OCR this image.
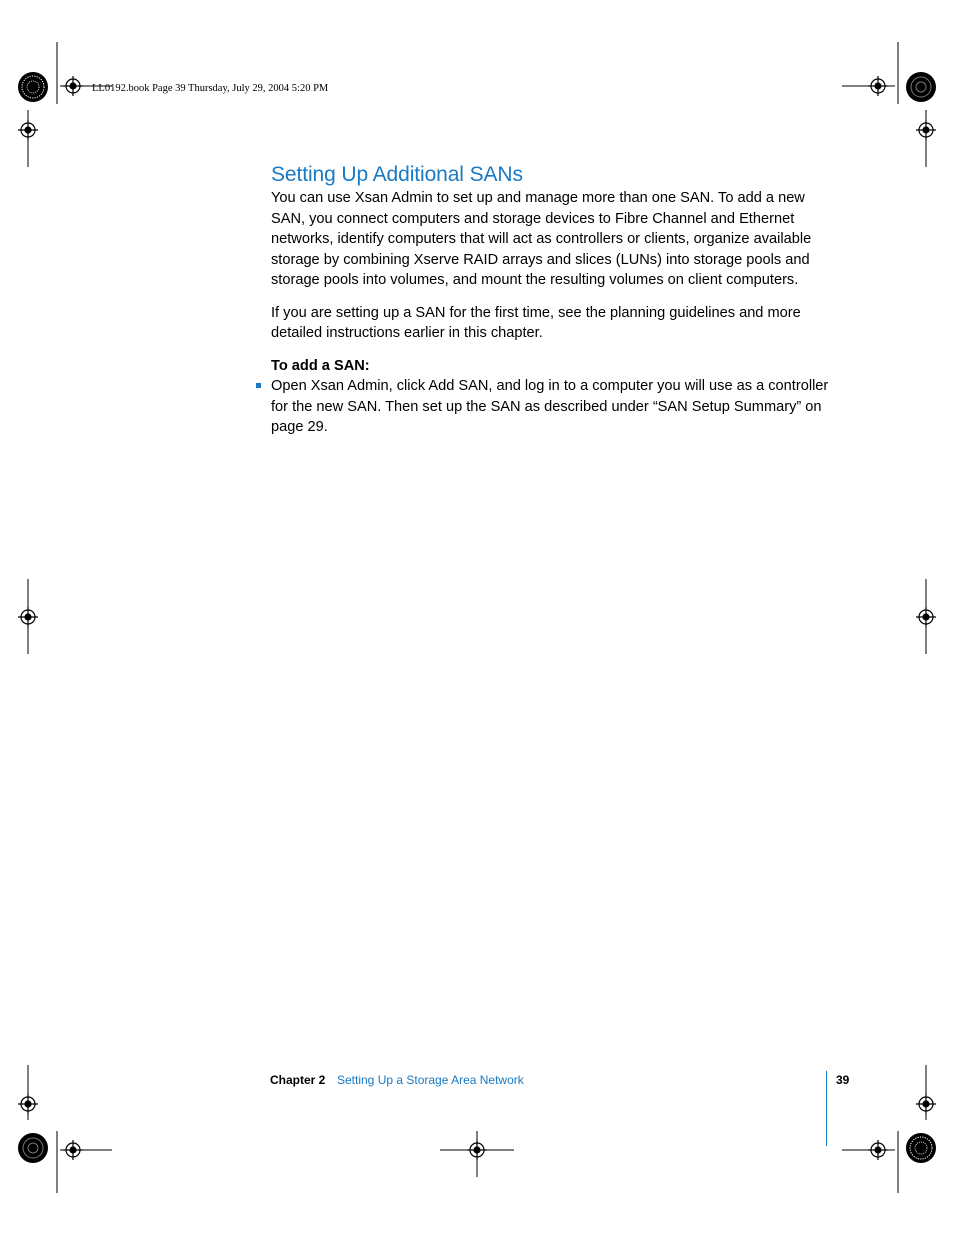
LL0192.book Page 39 Thursday, July 29, 2004 5:20 PM
Setting Up Additional SANs

You can use Xsan Admin to set up and manage more than one SAN. To add a new SAN, you connect computers and storage devices to Fibre Channel and Ethernet networks, identify computers that will act as controllers or clients, organize available storage by combining Xserve RAID arrays and slices (LUNs) into storage pools and storage pools into volumes, and mount the resulting volumes on client computers.

If you are setting up a SAN for the first time, see the planning guidelines and more detailed instructions earlier in this chapter.

To add a SAN:

Open Xsan Admin, click Add SAN, and log in to a computer you will use as a controller for the new SAN. Then set up the SAN as described under “SAN Setup Summary” on page 29.
Chapter 2 Setting Up a Storage Area Network	39
